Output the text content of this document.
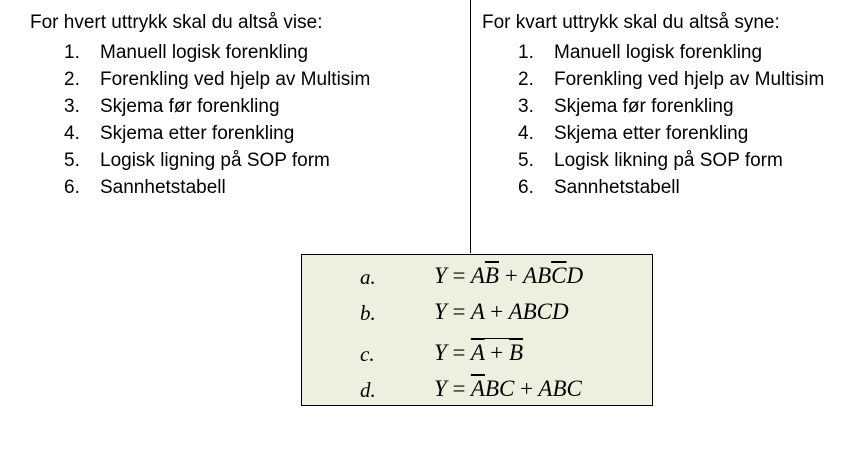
For hvert uttrykk skal du altså vise:

1.	Manuell logisk forenkling
2.	Forenkling ved hjelp av Multisim
3.	Skjema før forenkling
4.	Skjema etter forenkling
5.	Logisk ligning på SOP form
6.	Sannhetstabell

For kvart uttrykk skal du altså syne:

1.	Manuell logisk forenkling
2.	Forenkling ved hjelp av Multisim
3.	Skjema før forenkling
4.	Skjema etter forenkling
5.	Logisk likning på SOP form
6.	Sannhetstabell
a.	$Y = A\overline{B} + AB\overline{C}D$
b.	Y = A + ABCD
c.	$Y = \overline{A} + \overline{B}$
d.	$Y = \overline{A}BC$ + ABC
